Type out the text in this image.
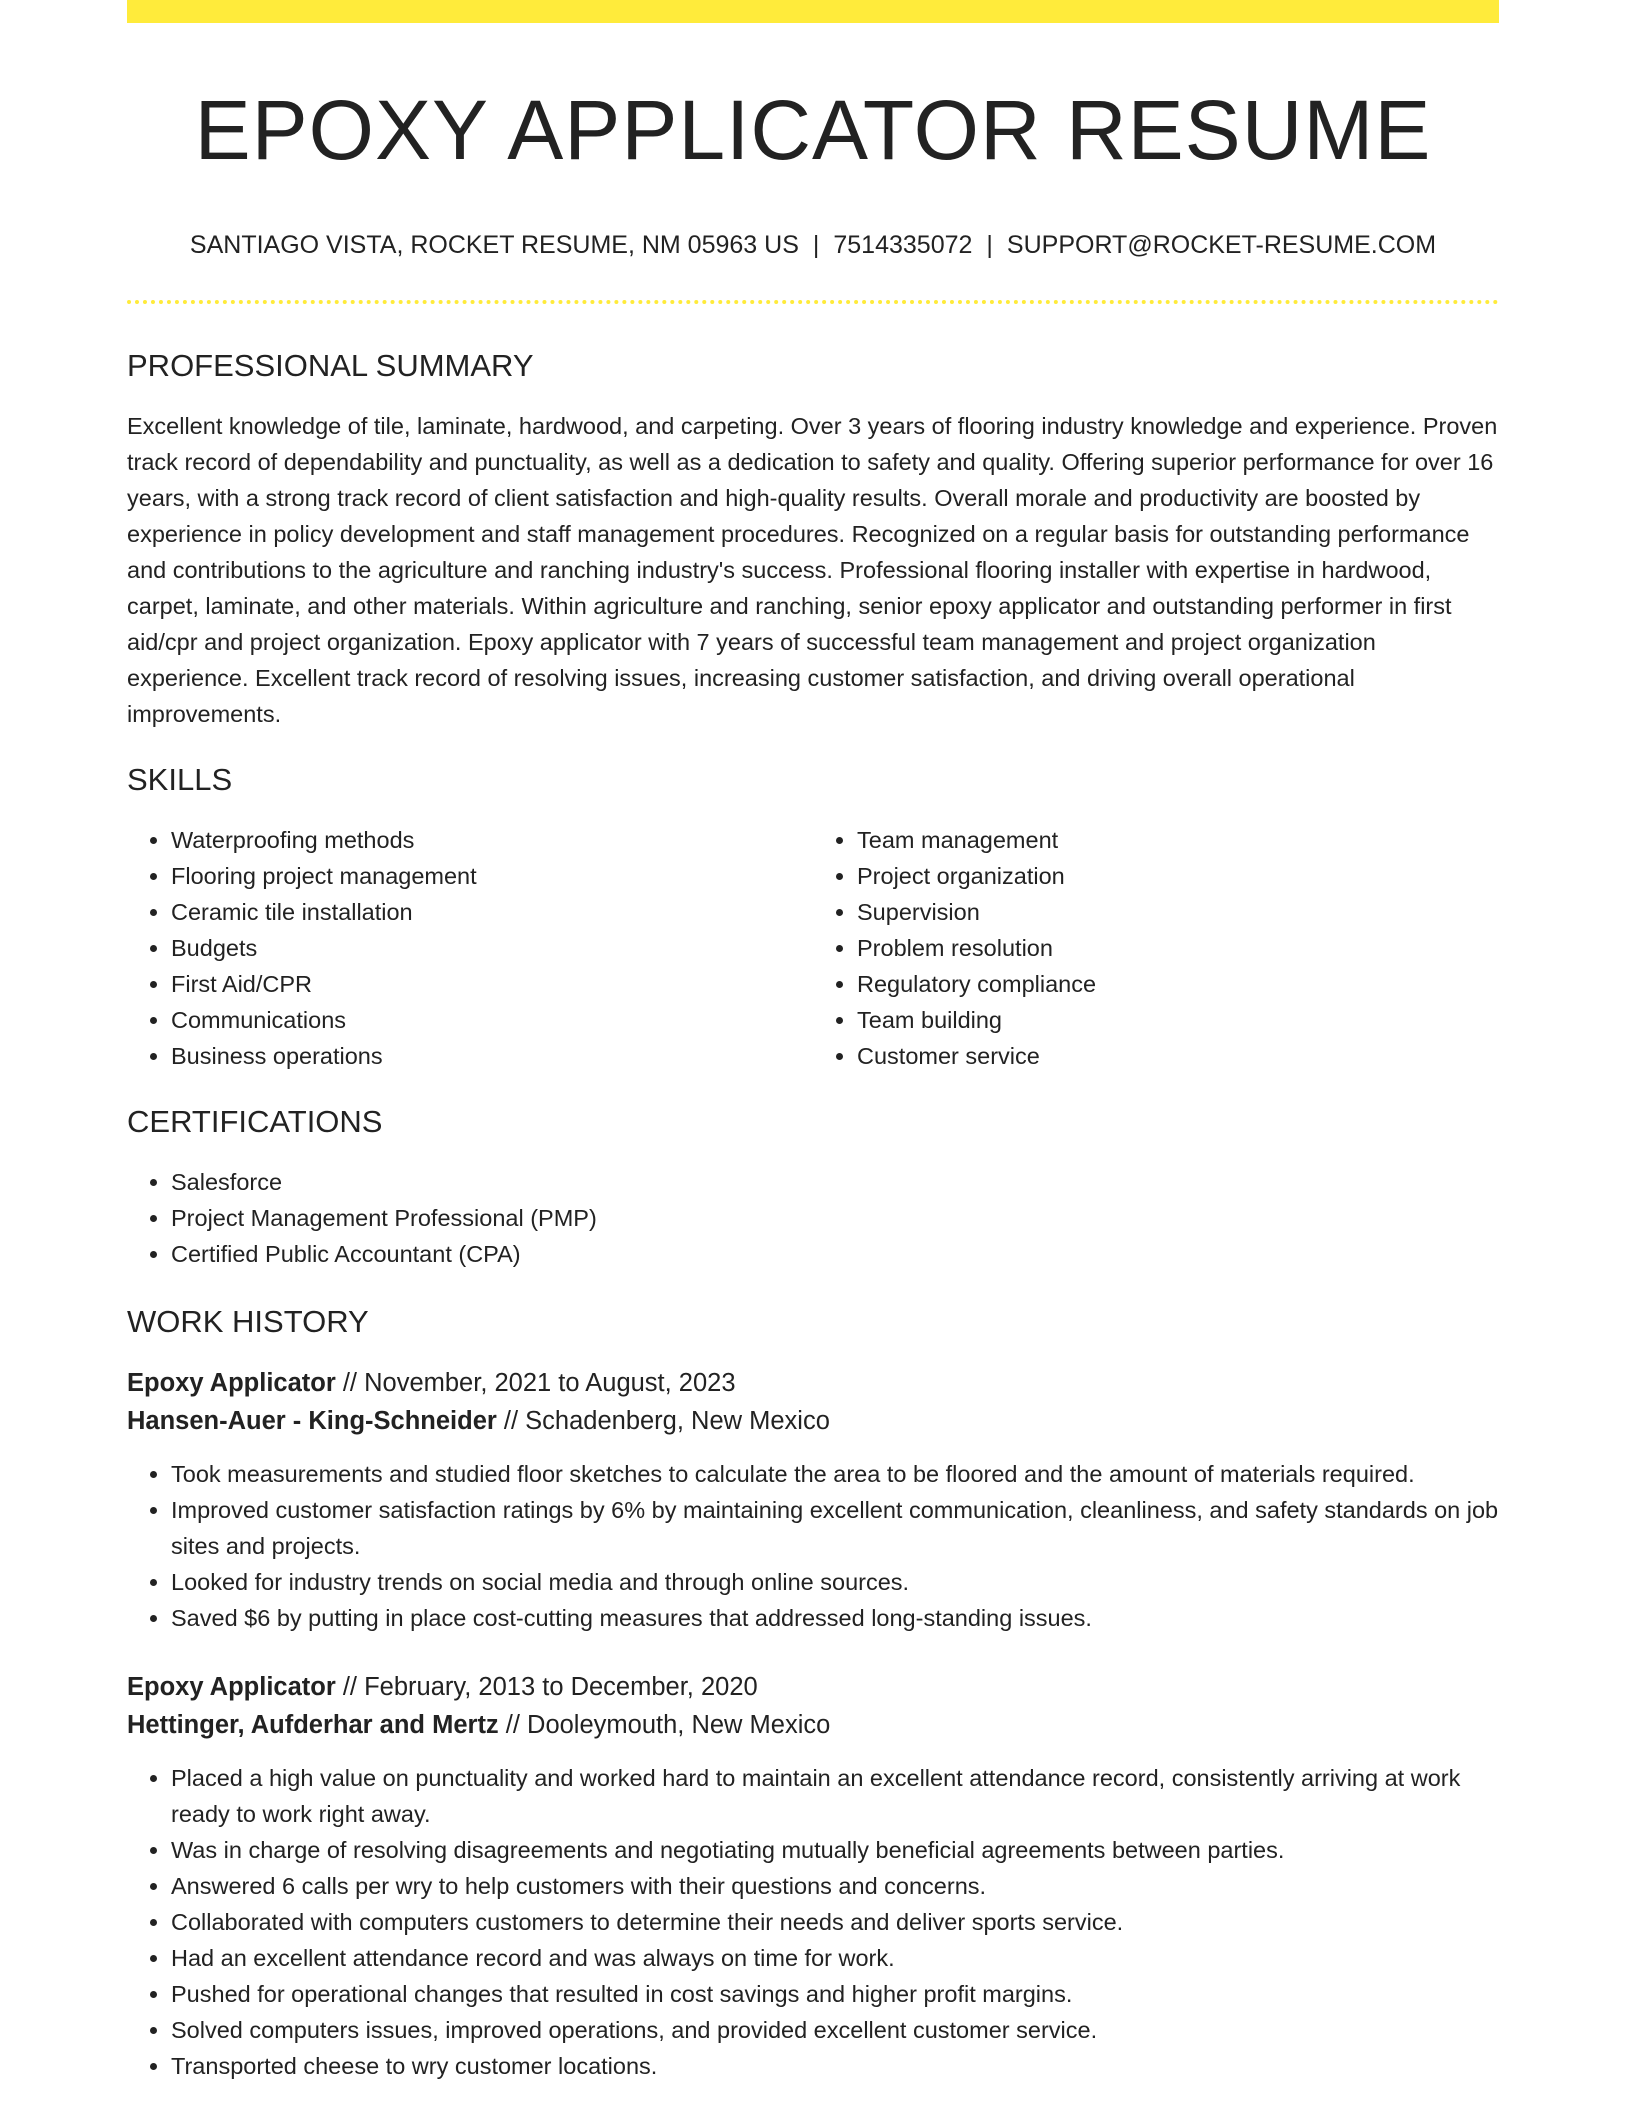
EPOXY APPLICATOR RESUME
SANTIAGO VISTA, ROCKET RESUME, NM 05963 US | 7514335072 | SUPPORT@ROCKET-RESUME.COM
PROFESSIONAL SUMMARY
Excellent knowledge of tile, laminate, hardwood, and carpeting. Over 3 years of flooring industry knowledge and experience. Proven track record of dependability and punctuality, as well as a dedication to safety and quality. Offering superior performance for over 16 years, with a strong track record of client satisfaction and high-quality results. Overall morale and productivity are boosted by experience in policy development and staff management procedures. Recognized on a regular basis for outstanding performance and contributions to the agriculture and ranching industry's success. Professional flooring installer with expertise in hardwood, carpet, laminate, and other materials. Within agriculture and ranching, senior epoxy applicator and outstanding performer in first aid/cpr and project organization. Epoxy applicator with 7 years of successful team management and project organization experience. Excellent track record of resolving issues, increasing customer satisfaction, and driving overall operational improvements.
SKILLS
• Waterproofing methods
• Flooring project management
• Ceramic tile installation
• Budgets
• First Aid/CPR
• Communications
• Business operations
• Team management
• Project organization
• Supervision
• Problem resolution
• Regulatory compliance
• Team building
• Customer service
CERTIFICATIONS
• Salesforce
• Project Management Professional (PMP)
• Certified Public Accountant (CPA)
WORK HISTORY
Epoxy Applicator // November, 2021 to August, 2023
Hansen-Auer - King-Schneider // Schadenberg, New Mexico
• Took measurements and studied floor sketches to calculate the area to be floored and the amount of materials required.
• Improved customer satisfaction ratings by 6% by maintaining excellent communication, cleanliness, and safety standards on job sites and projects.
• Looked for industry trends on social media and through online sources.
• Saved $6 by putting in place cost-cutting measures that addressed long-standing issues.
Epoxy Applicator // February, 2013 to December, 2020
Hettinger, Aufderhar and Mertz // Dooleymouth, New Mexico
• Placed a high value on punctuality and worked hard to maintain an excellent attendance record, consistently arriving at work ready to work right away.
• Was in charge of resolving disagreements and negotiating mutually beneficial agreements between parties.
• Answered 6 calls per wry to help customers with their questions and concerns.
• Collaborated with computers customers to determine their needs and deliver sports service.
• Had an excellent attendance record and was always on time for work.
• Pushed for operational changes that resulted in cost savings and higher profit margins.
• Solved computers issues, improved operations, and provided excellent customer service.
• Transported cheese to wry customer locations.
